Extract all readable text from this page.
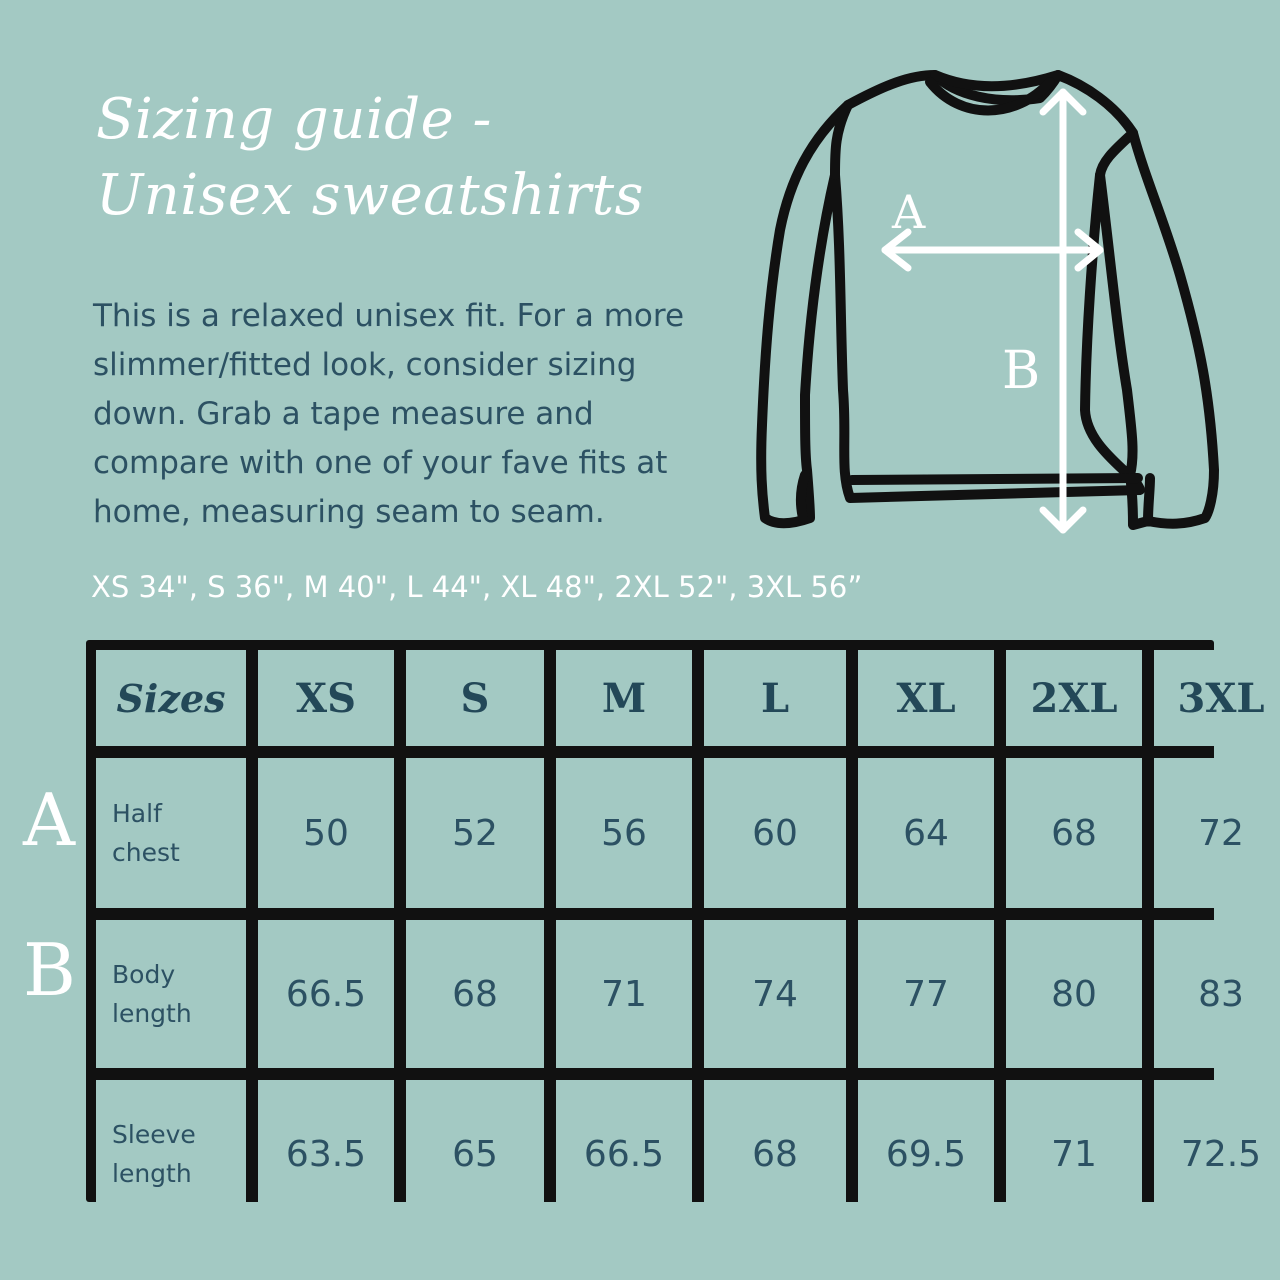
Sizing guide -
Unisex sweatshirts

This is a relaxed unisex fit. For a more slimmer/fitted look, consider sizing down. Grab a tape measure and compare with one of your fave fits at home, measuring seam to seam.

XS 34", S 36", M 40", L 44", XL 48", 2XL 52", 3XL 56”
A
B
A
B
Sizes	XS	S	M	L	XL	2XL	3XL
Half chest	50	52	56	60	64	68	72
Body length	66.5	68	71	74	77	80	83
Sleeve length	63.5	65	66.5	68	69.5	71	72.5
